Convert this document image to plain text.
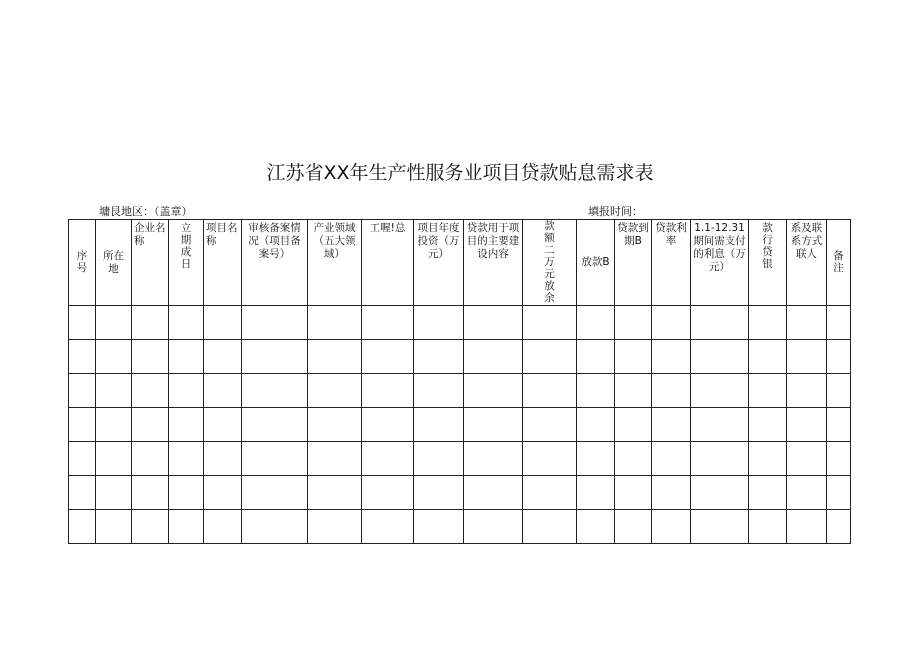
江苏省XX年生产性服务业项目贷款贴息需求表
墉艮地区：（盖章）	填报时间：
序号	所在地	企业名称	立期成日	项目名称	审核备案情况（项目备案号）	产业领域（五大领域）	工喔!总	项目年度投资（万元）	贷款用于项目的主要建设内容	款额二万元放余	放款B	贷款到期B	贷款利率	1.1-12.31期间需支付的利息（万元）	款行贷银	系及联系方式联人	备注
